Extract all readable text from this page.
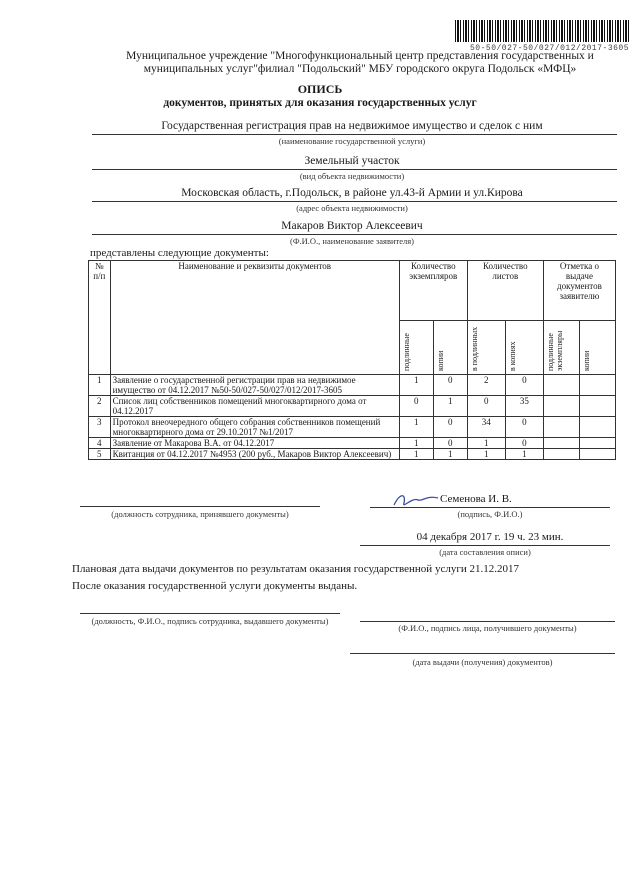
50-50/027-50/027/012/2017-3605
Муниципальное учреждение "Многофункциональный центр представления государственных и муниципальных услуг"филиал "Подольский" МБУ городского округа Подольск «МФЦ»
ОПИСЬ
документов, принятых для оказания государственных услуг
Государственная регистрация прав на недвижимое имущество и сделок с ним
(наименование государственной услуги)
Земельный участок
(вид объекта недвижимости)
Московская область, г.Подольск, в районе ул.43-й Армии и ул.Кирова
(адрес объекта недвижимости)
Макаров Виктор Алексеевич
(Ф.И.О., наименование заявителя)
представлены следующие документы:
№ п/п	Наименование и реквизиты документов	Количество экземпляров		Количество листов		Отметка о выдаче документов заявителю	

		подлинные	копии	в подлинных	в копиях	подлинные экземпляры	копии

1	Заявление о государственной регистрации прав на недвижимое имущество от 04.12.2017 №50-50/027-50/027/012/2017-3605	1	0	2	0		
2	Список лиц собственников помещений многоквартирного дома от 04.12.2017	0	1	0	35		
3	Протокол внеочередного общего собрания собственников помещений многоквартирного дома от 29.10.2017 №1/2017	1	0	34	0		
4	Заявление от Макарова В.А. от 04.12.2017	1	0	1	0		
5	Квитанция от 04.12.2017 №4953 (200 руб., Макаров Виктор Алексеевич)	1	1	1	1		
(должность сотрудника, принявшего документы)
Семенова И. В.
(подпись, Ф.И.О.)
04 декабря 2017 г. 19 ч. 23 мин.
(дата составления описи)
Плановая дата выдачи документов по результатам оказания государственной услуги 21.12.2017
После оказания государственной услуги документы выданы.
(должность, Ф.И.О., подпись сотрудника, выдавшего документы)
(Ф.И.О., подпись лица, получившего документы)
(дата выдачи (получения) документов)
